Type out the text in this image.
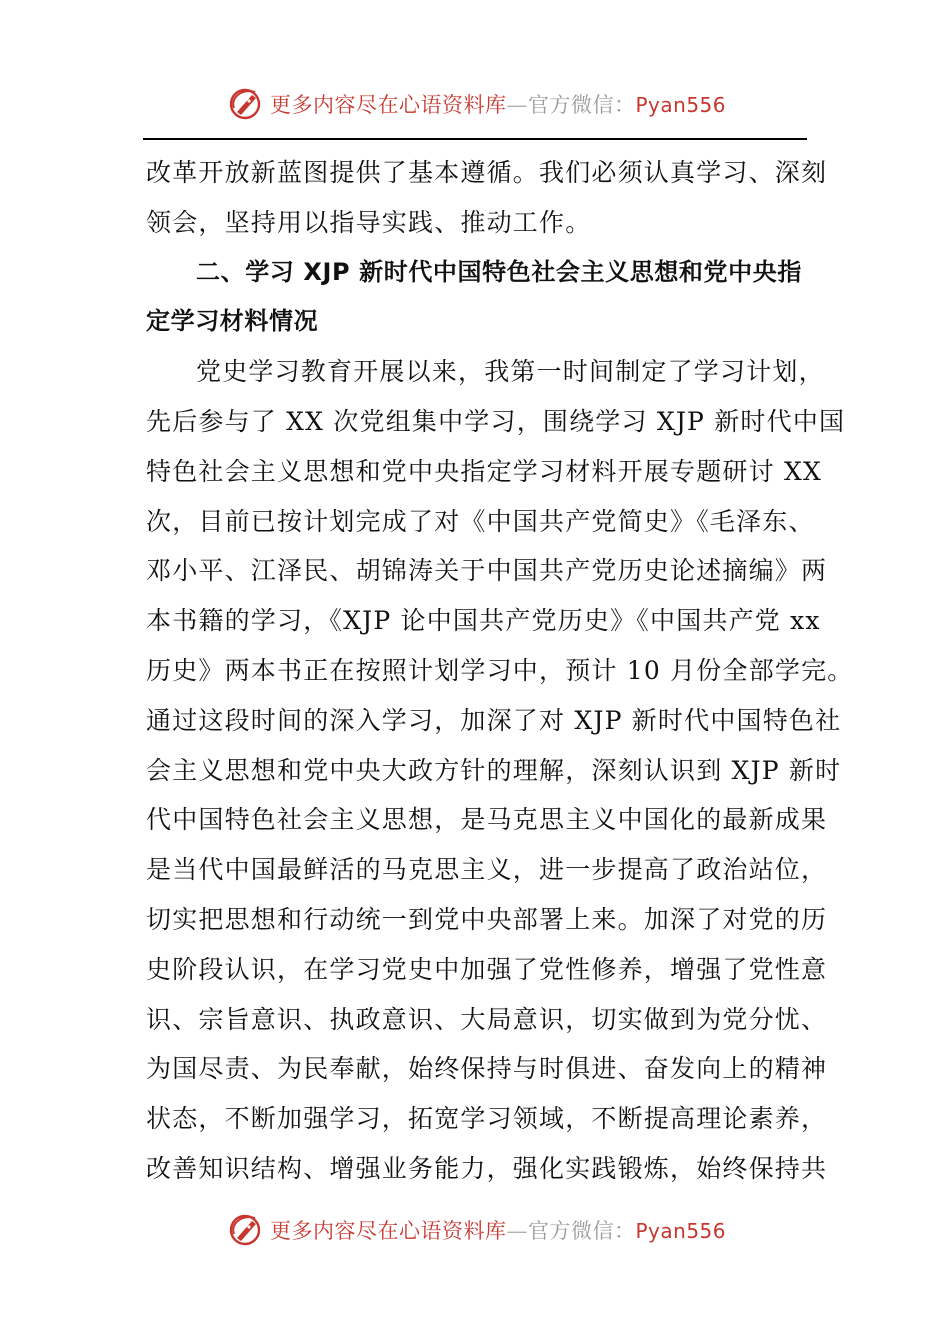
更多内容尽在心语资料库—官方微信：Pyan556
改革开放新蓝图提供了基本遵循。我们必须认真学习、深刻
领会，坚持用以指导实践、推动工作。
二、学习 XJP 新时代中国特色社会主义思想和党中央指
定学习材料情况
党史学习教育开展以来，我第一时间制定了学习计划，
先后参与了 XX 次党组集中学习，围绕学习 XJP 新时代中国
特色社会主义思想和党中央指定学习材料开展专题研讨 XX
次，目前已按计划完成了对《中国共产党简史》《毛泽东、
邓小平、江泽民、胡锦涛关于中国共产党历史论述摘编》两
本书籍的学习，《XJP 论中国共产党历史》《中国共产党 xx
历史》两本书正在按照计划学习中，预计 10 月份全部学完。
通过这段时间的深入学习，加深了对 XJP 新时代中国特色社
会主义思想和党中央大政方针的理解，深刻认识到 XJP 新时
代中国特色社会主义思想，是马克思主义中国化的最新成果
是当代中国最鲜活的马克思主义，进一步提高了政治站位，
切实把思想和行动统一到党中央部署上来。加深了对党的历
史阶段认识，在学习党史中加强了党性修养，增强了党性意
识、宗旨意识、执政意识、大局意识，切实做到为党分忧、
为国尽责、为民奉献，始终保持与时俱进、奋发向上的精神
状态，不断加强学习，拓宽学习领域，不断提高理论素养，
改善知识结构、增强业务能力，强化实践锻炼，始终保持共
更多内容尽在心语资料库—官方微信：Pyan556
